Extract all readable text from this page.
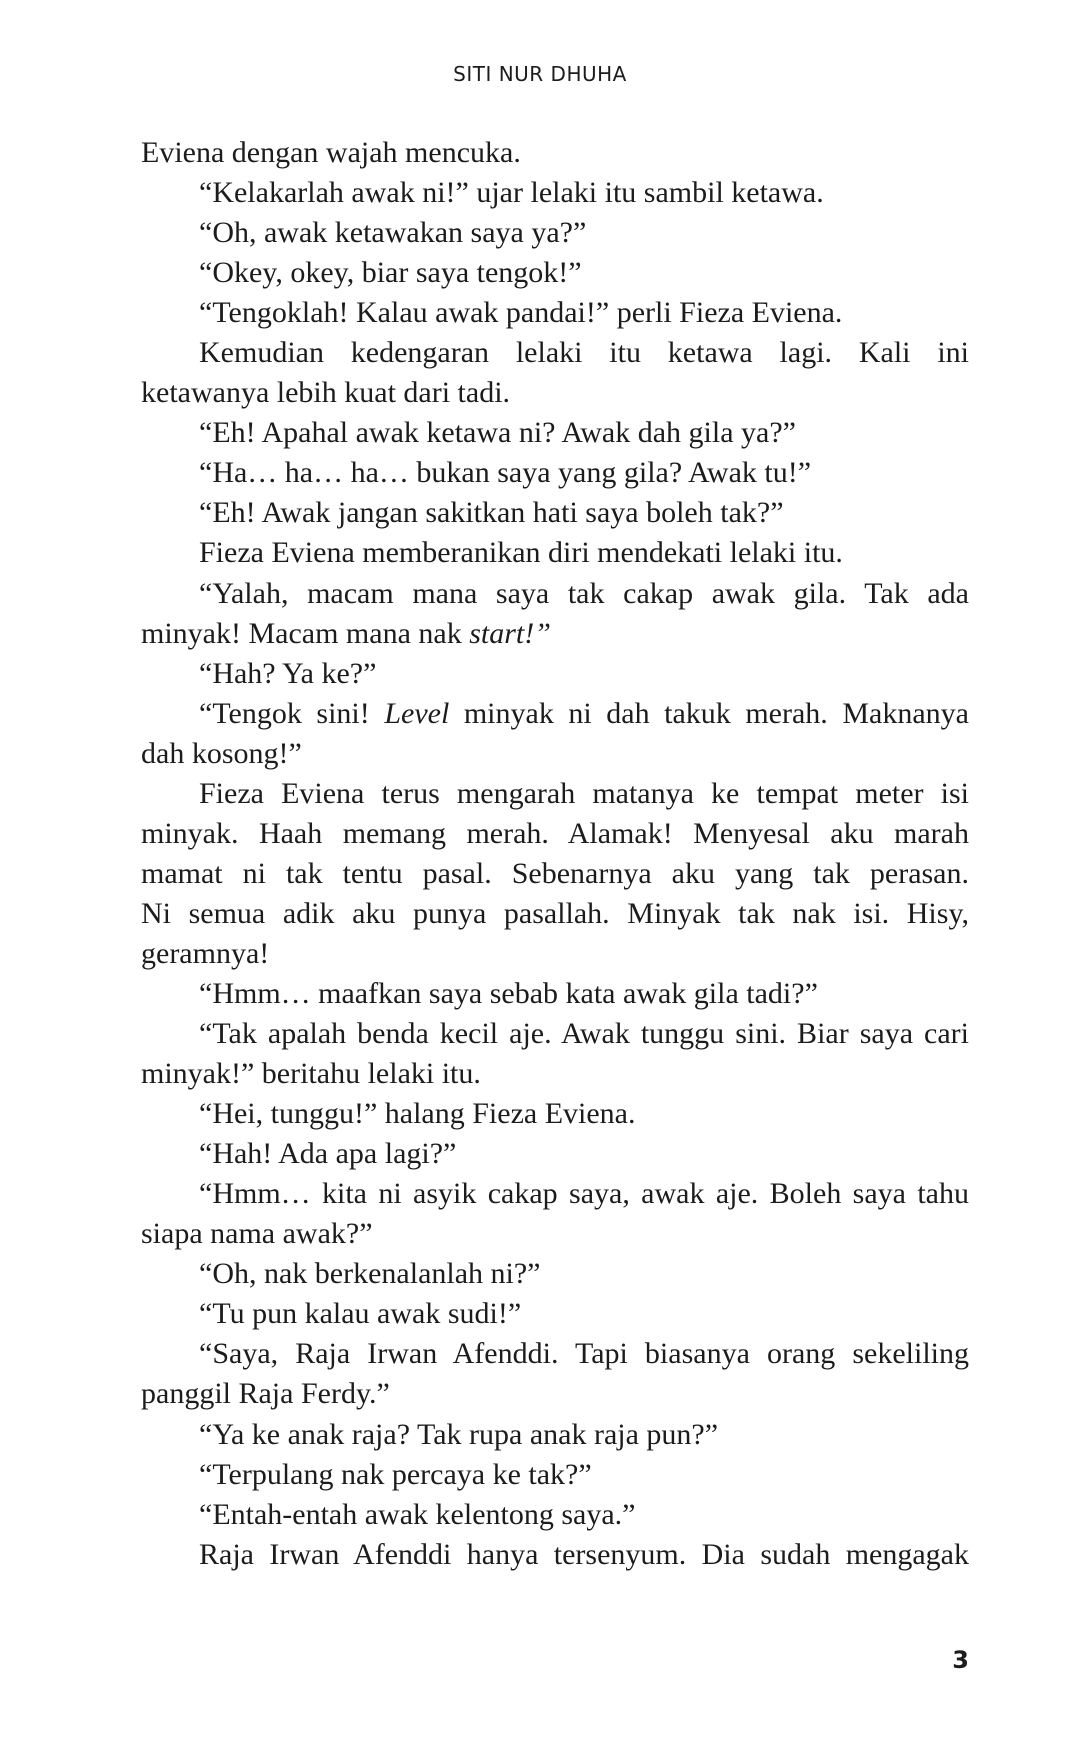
SITI NUR DHUHA
Eviena dengan wajah mencuka.
“Kelakarlah awak ni!” ujar lelaki itu sambil ketawa.
“Oh, awak ketawakan saya ya?”
“Okey, okey, biar saya tengok!”
“Tengoklah! Kalau awak pandai!” perli Fieza Eviena.
Kemudian kedengaran lelaki itu ketawa lagi. Kali ini
ketawanya lebih kuat dari tadi.
“Eh! Apahal awak ketawa ni? Awak dah gila ya?”
“Ha… ha… ha… bukan saya yang gila? Awak tu!”
“Eh! Awak jangan sakitkan hati saya boleh tak?”
Fieza Eviena memberanikan diri mendekati lelaki itu.
“Yalah, macam mana saya tak cakap awak gila. Tak ada
minyak! Macam mana nak start!”
“Hah? Ya ke?”
“Tengok sini! Level minyak ni dah takuk merah. Maknanya
dah kosong!”
Fieza Eviena terus mengarah matanya ke tempat meter isi
minyak. Haah memang merah. Alamak! Menyesal aku marah
mamat ni tak tentu pasal. Sebenarnya aku yang tak perasan.
Ni semua adik aku punya pasallah. Minyak tak nak isi. Hisy,
geramnya!
“Hmm… maafkan saya sebab kata awak gila tadi?”
“Tak apalah benda kecil aje. Awak tunggu sini. Biar saya cari
minyak!” beritahu lelaki itu.
“Hei, tunggu!” halang Fieza Eviena.
“Hah! Ada apa lagi?”
“Hmm… kita ni asyik cakap saya, awak aje. Boleh saya tahu
siapa nama awak?”
“Oh, nak berkenalanlah ni?”
“Tu pun kalau awak sudi!”
“Saya, Raja Irwan Afenddi. Tapi biasanya orang sekeliling
panggil Raja Ferdy.”
“Ya ke anak raja? Tak rupa anak raja pun?”
“Terpulang nak percaya ke tak?”
“Entah-entah awak kelentong saya.”
Raja Irwan Afenddi hanya tersenyum. Dia sudah mengagak
3
